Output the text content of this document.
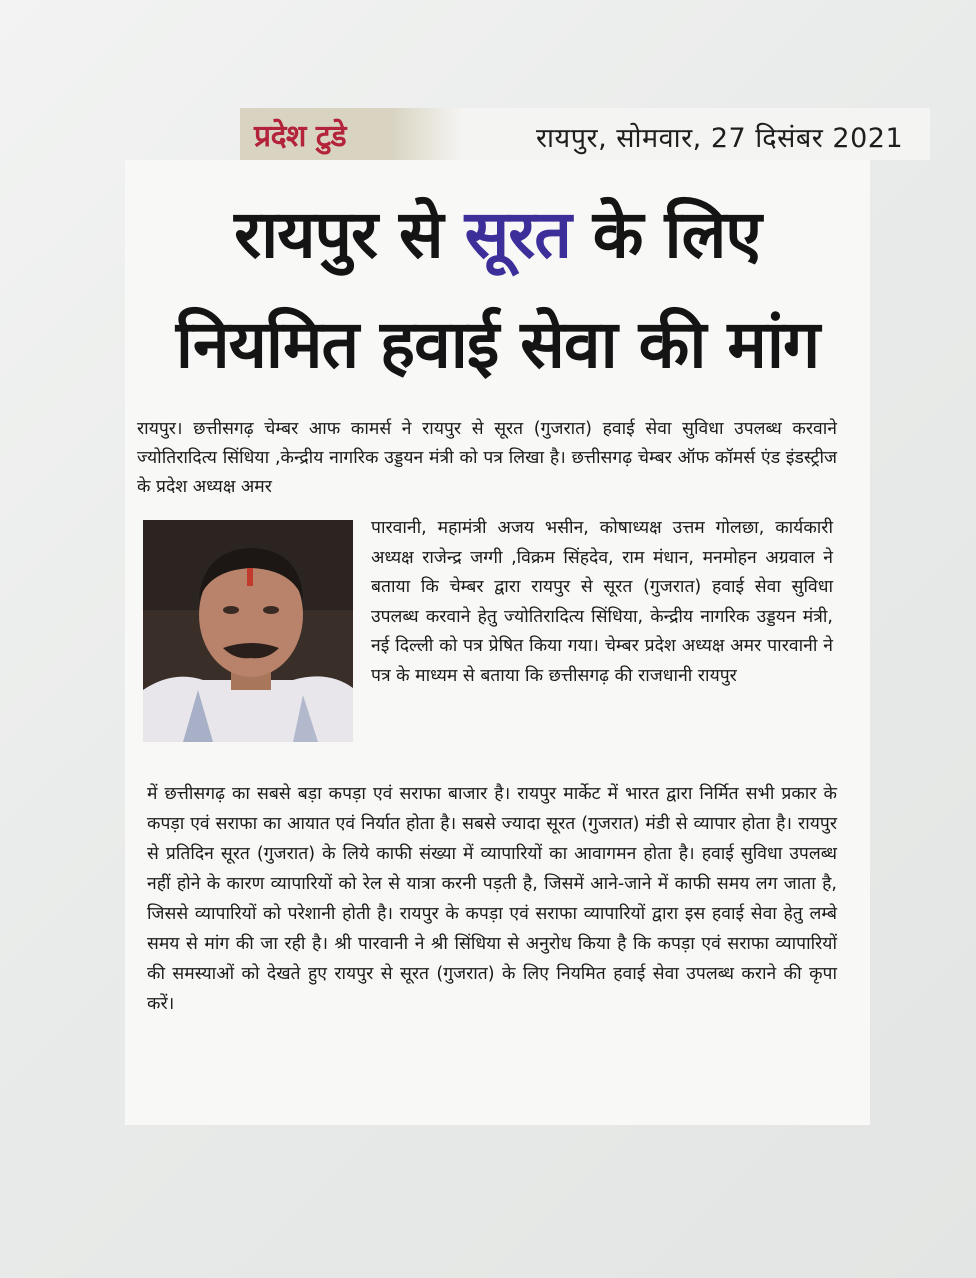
प्रदेश टुडे	रायपुर, सोमवार, 27 दिसंबर 2021
रायपुर से सूरत के लिए
नियमित हवाई सेवा की मांग

रायपुर। छत्तीसगढ़ चेम्बर आफ कामर्स ने रायपुर से सूरत (गुजरात) हवाई सेवा सुविधा उपलब्ध करवाने ज्योतिरादित्य सिंधिया ,केन्द्रीय नागरिक उड्डयन मंत्री को पत्र लिखा है। छत्तीसगढ़ चेम्बर ऑफ कॉमर्स एंड इंडस्ट्रीज के प्रदेश अध्यक्ष अमर

पारवानी, महामंत्री अजय भसीन, कोषाध्यक्ष उत्तम गोलछा, कार्यकारी अध्यक्ष राजेन्द्र जग्गी ,विक्रम सिंहदेव, राम मंधान, मनमोहन अग्रवाल ने बताया कि चेम्बर द्वारा रायपुर से सूरत (गुजरात) हवाई सेवा सुविधा उपलब्ध करवाने हेतु ज्योतिरादित्य सिंधिया, केन्द्रीय नागरिक उड्डयन मंत्री, नई दिल्ली को पत्र प्रेषित किया गया। चेम्बर प्रदेश अध्यक्ष अमर पारवानी ने पत्र के माध्यम से बताया कि छत्तीसगढ़ की राजधानी रायपुर

में छत्तीसगढ़ का सबसे बड़ा कपड़ा एवं सराफा बाजार है। रायपुर मार्केट में भारत द्वारा निर्मित सभी प्रकार के कपड़ा एवं सराफा का आयात एवं निर्यात होता है। सबसे ज्यादा सूरत (गुजरात) मंडी से व्यापार होता है। रायपुर से प्रतिदिन सूरत (गुजरात) के लिये काफी संख्या में व्यापारियों का आवागमन होता है। हवाई सुविधा उपलब्ध नहीं होने के कारण व्यापारियों को रेल से यात्रा करनी पड़ती है, जिसमें आने-जाने में काफी समय लग जाता है, जिससे व्यापारियों को परेशानी होती है। रायपुर के कपड़ा एवं सराफा व्यापारियों द्वारा इस हवाई सेवा हेतु लम्बे समय से मांग की जा रही है। श्री पारवानी ने श्री सिंधिया से अनुरोध किया है कि कपड़ा एवं सराफा व्यापारियों की समस्याओं को देखते हुए रायपुर से सूरत (गुजरात) के लिए नियमित हवाई सेवा उपलब्ध कराने की कृपा करें।
